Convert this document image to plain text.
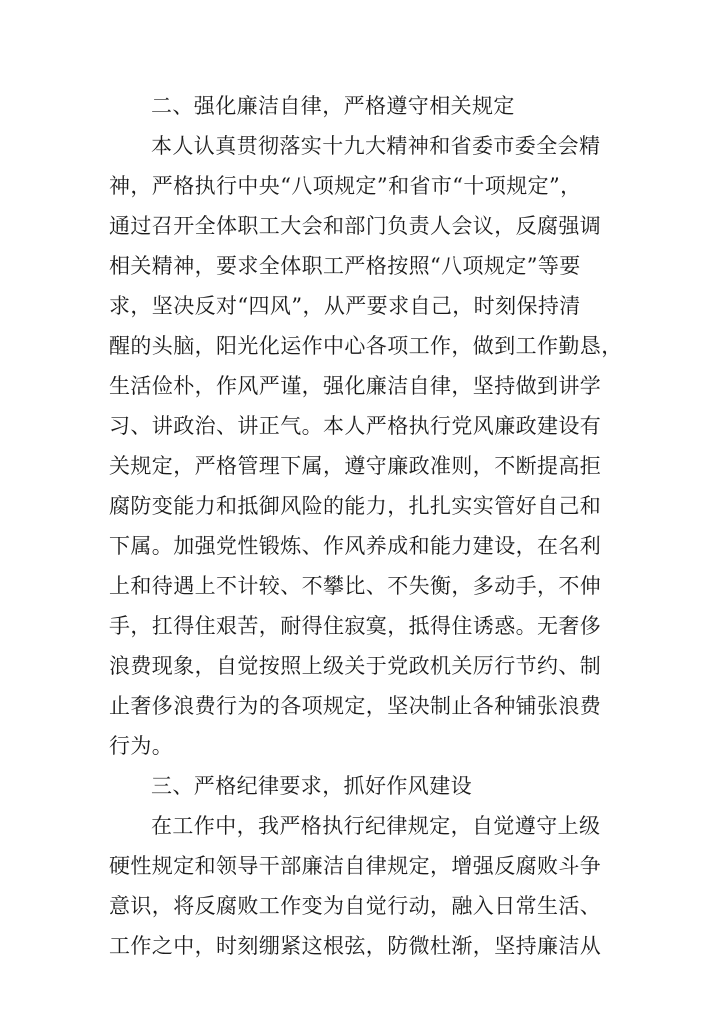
二、强化廉洁自律，严格遵守相关规定
本人认真贯彻落实十九大精神和省委市委全会精
神，严格执行中央“八项规定”和省市“十项规定”，
通过召开全体职工大会和部门负责人会议，反腐强调
相关精神，要求全体职工严格按照“八项规定”等要
求，坚决反对“四风”，从严要求自己，时刻保持清
醒的头脑，阳光化运作中心各项工作，做到工作勤恳，
生活俭朴，作风严谨，强化廉洁自律，坚持做到讲学
习、讲政治、讲正气。本人严格执行党风廉政建设有
关规定，严格管理下属，遵守廉政准则，不断提高拒
腐防变能力和抵御风险的能力，扎扎实实管好自己和
下属。加强党性锻炼、作风养成和能力建设，在名利
上和待遇上不计较、不攀比、不失衡，多动手，不伸
手，扛得住艰苦，耐得住寂寞，抵得住诱惑。无奢侈
浪费现象，自觉按照上级关于党政机关厉行节约、制
止奢侈浪费行为的各项规定，坚决制止各种铺张浪费
行为。
三、严格纪律要求，抓好作风建设
在工作中，我严格执行纪律规定，自觉遵守上级
硬性规定和领导干部廉洁自律规定，增强反腐败斗争
意识，将反腐败工作变为自觉行动，融入日常生活、
工作之中，时刻绷紧这根弦，防微杜渐，坚持廉洁从
